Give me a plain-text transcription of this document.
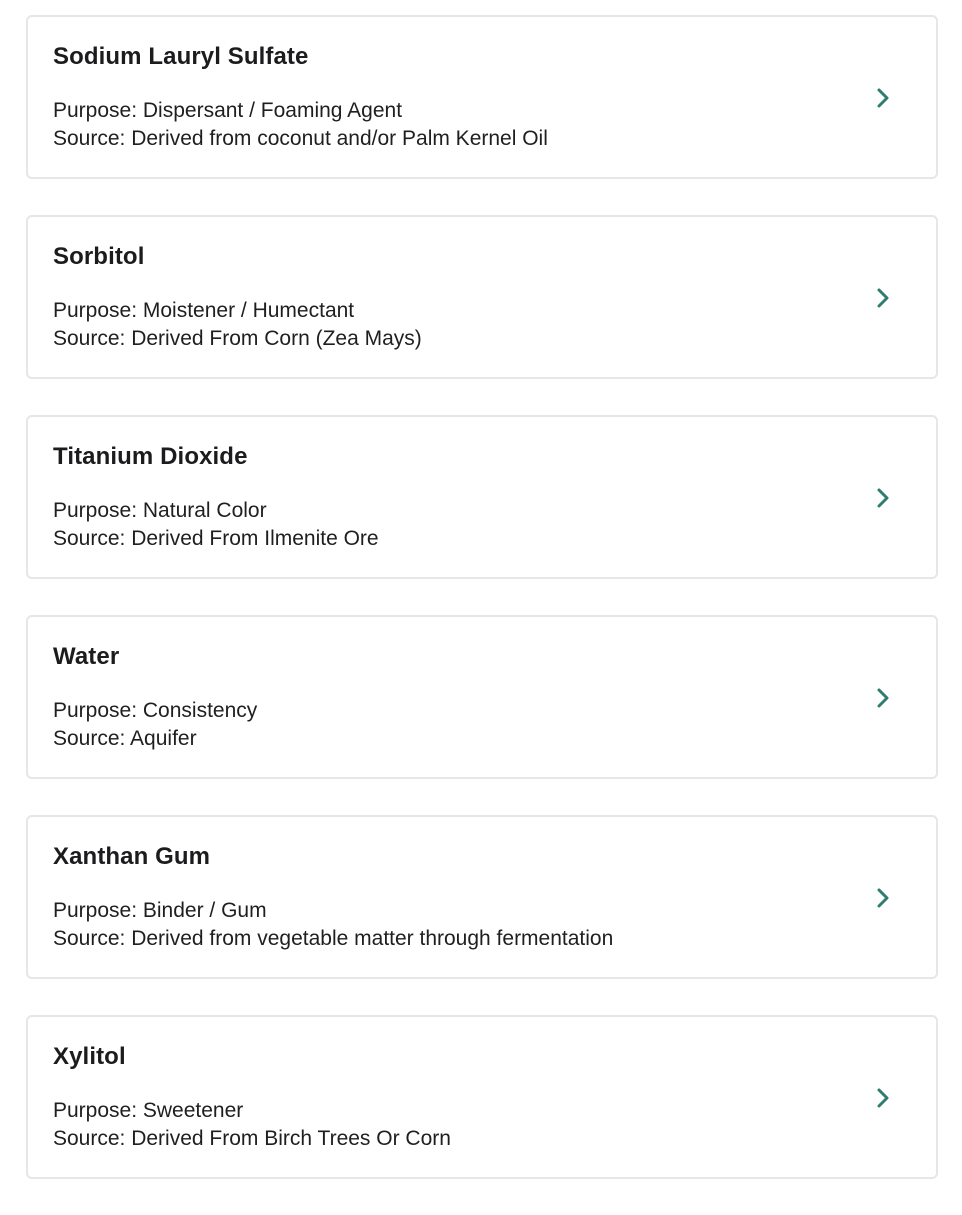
Sodium Lauryl Sulfate
Purpose: Dispersant / Foaming Agent
Source: Derived from coconut and/or Palm Kernel Oil
Sorbitol
Purpose: Moistener / Humectant
Source: Derived From Corn (Zea Mays)
Titanium Dioxide
Purpose: Natural Color
Source: Derived From Ilmenite Ore
Water
Purpose: Consistency
Source: Aquifer
Xanthan Gum
Purpose: Binder / Gum
Source: Derived from vegetable matter through fermentation
Xylitol
Purpose: Sweetener
Source: Derived From Birch Trees Or Corn
